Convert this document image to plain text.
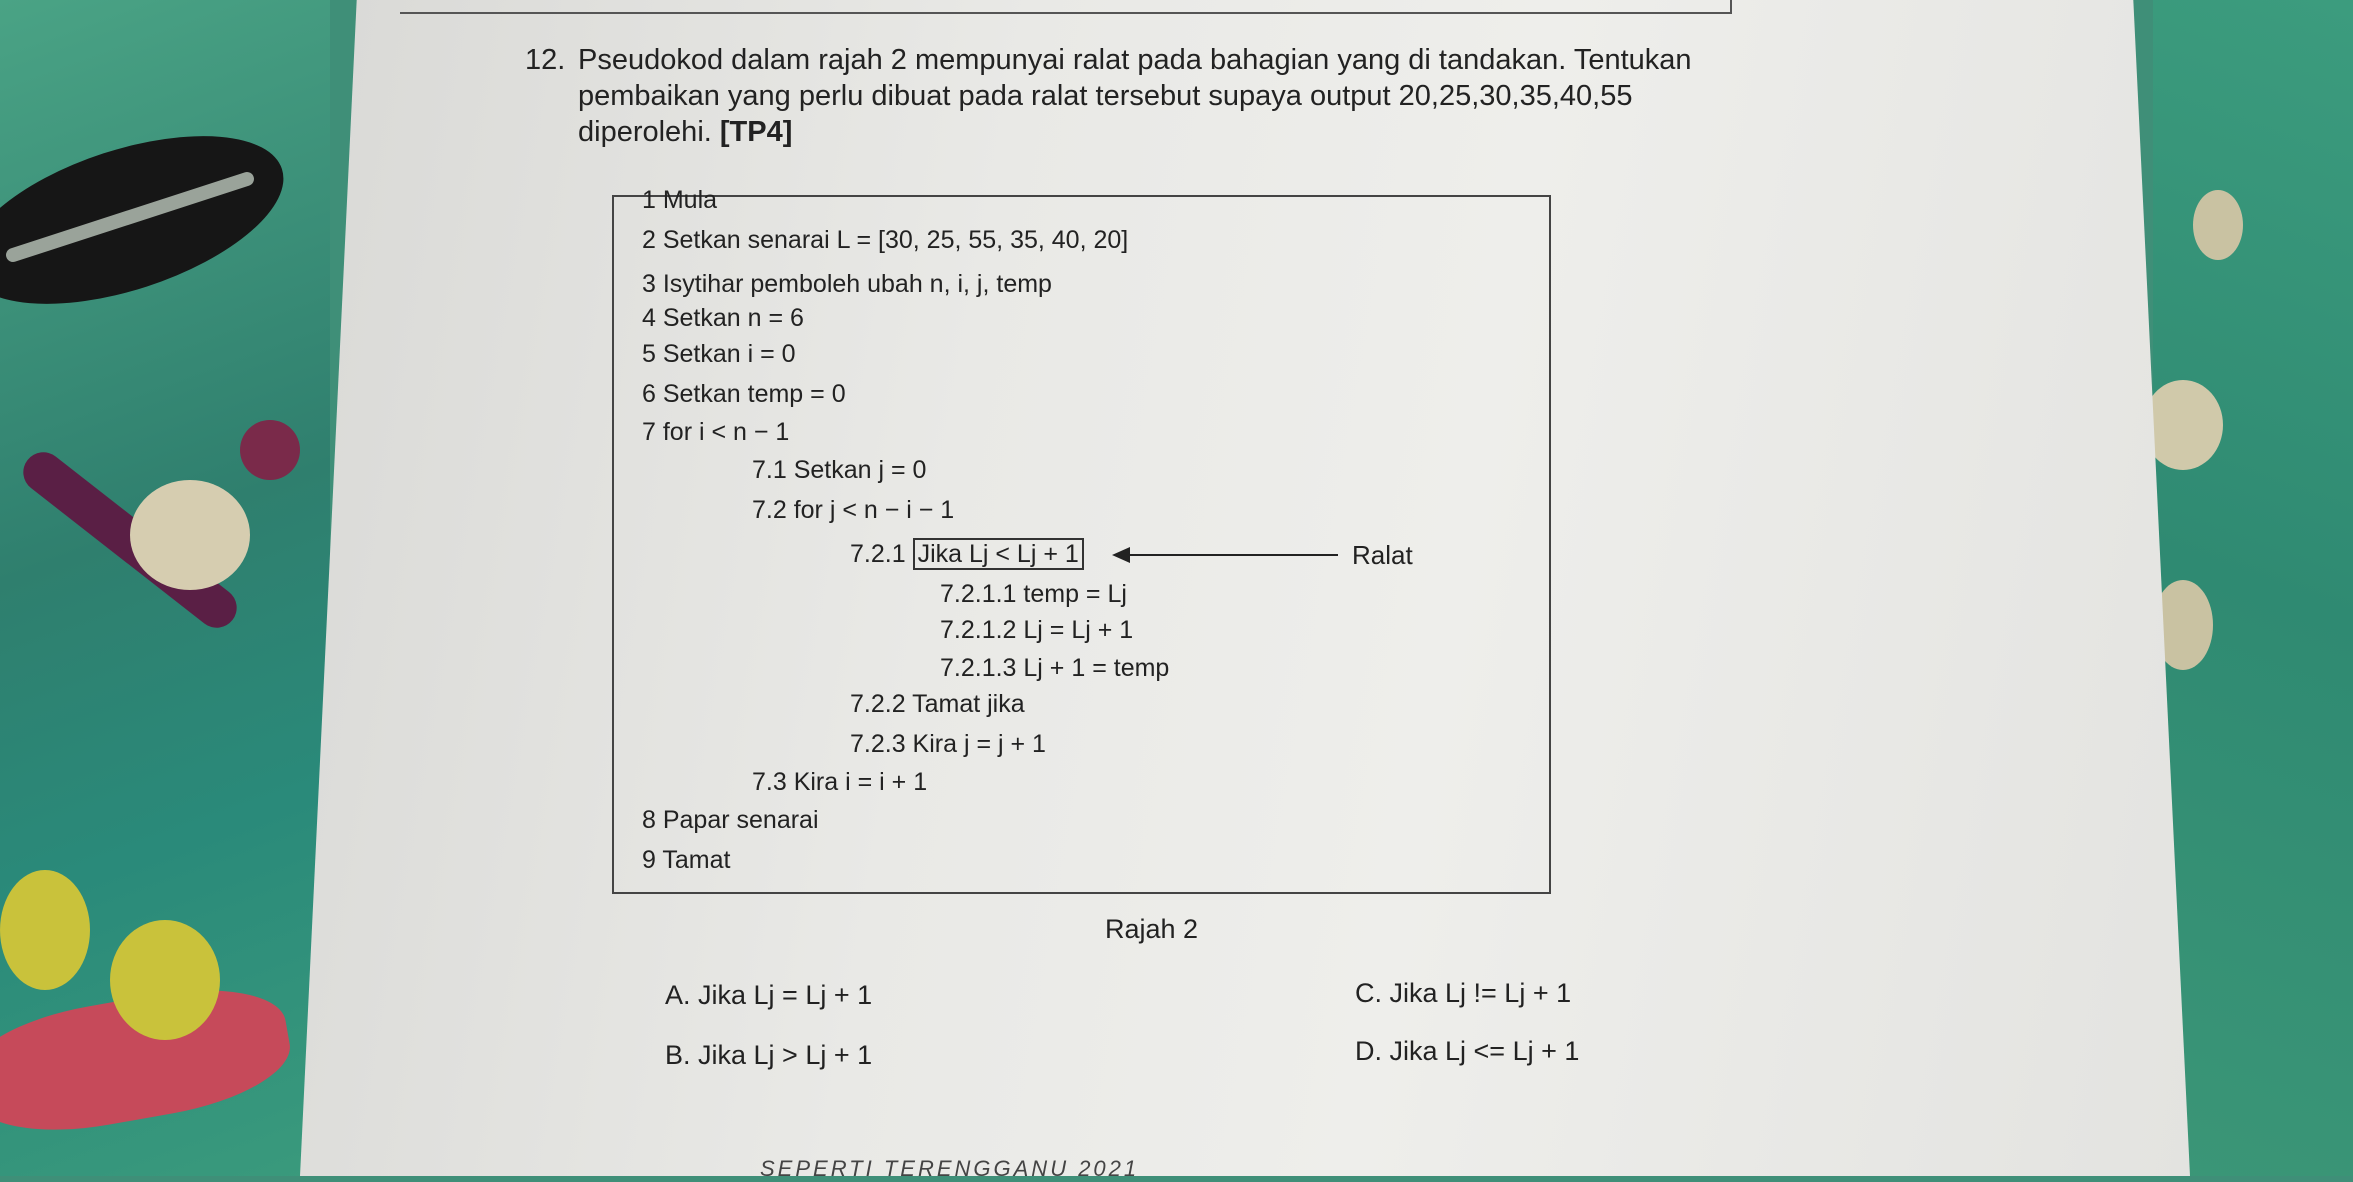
12. Pseudokod dalam rajah 2 mempunyai ralat pada bahagian yang di tandakan. Tentukan
pembaikan yang perlu dibuat pada ralat tersebut supaya output 20,25,30,35,40,55
diperolehi. [TP4]
1 Mula
2 Setkan senarai L = [30, 25, 55, 35, 40, 20]
3 Isytihar pemboleh ubah n, i, j, temp
4 Setkan n = 6
5 Setkan i = 0
6 Setkan temp = 0
7 for i < n − 1
7.1 Setkan j = 0
7.2 for j < n − i − 1
7.2.1 Jika Lj < Lj + 1	Ralat
7.2.1.1 temp = Lj
7.2.1.2 Lj = Lj + 1
7.2.1.3 Lj + 1 = temp
7.2.2 Tamat jika
7.2.3 Kira j = j + 1
7.3 Kira i = i + 1
8 Papar senarai
9 Tamat
Rajah 2
A. Jika Lj = Lj + 1	C. Jika Lj != Lj + 1
B. Jika Lj > Lj + 1	D. Jika Lj <= Lj + 1
SEPERTI TERENGGANU 2021
